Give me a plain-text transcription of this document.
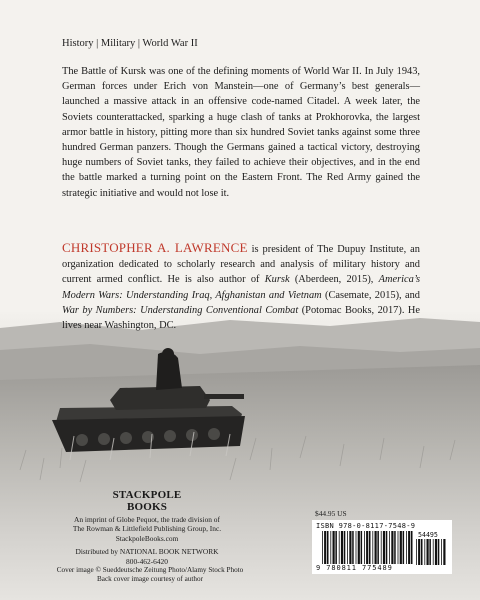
History | Military | World War II

The Battle of Kursk was one of the defining moments of World War II. In July 1943, German forces under Erich von Manstein—one of Germany’s best generals—launched a massive attack in an offensive code-named Citadel. A week later, the Soviets counterattacked, sparking a huge clash of tanks at Prokhorovka, the largest armor battle in history, pitting more than six hundred Soviet tanks against some three hundred German panzers. Though the Germans gained a tactical victory, destroying huge numbers of Soviet tanks, they failed to achieve their objectives, and in the end the battle marked a turning point on the Eastern Front. The Red Army gained the strategic initiative and would not lose it.

CHRISTOPHER A. LAWRENCE is president of The Dupuy Institute, an organization dedicated to scholarly research and analysis of military history and current armed conflict. He is also author of Kursk (Aberdeen, 2015), America’s Modern Wars: Understanding Iraq, Afghanistan and Vietnam (Casemate, 2015), and War by Numbers: Understanding Conventional Combat (Potomac Books, 2017). He lives near Washington, DC.

STACKPOLE
BOOKS
An imprint of Globe Pequot, the trade division of
The Rowman & Littlefield Publishing Group, Inc.
StackpoleBooks.com
Distributed by NATIONAL BOOK NETWORK
800-462-6420
Cover image © Sueddeutsche Zeitung Photo/Alamy Stock Photo
Back cover image courtesy of author
$44.95 US
ISBN 978-0-8117-7548-9
54495
9 780811 775489
